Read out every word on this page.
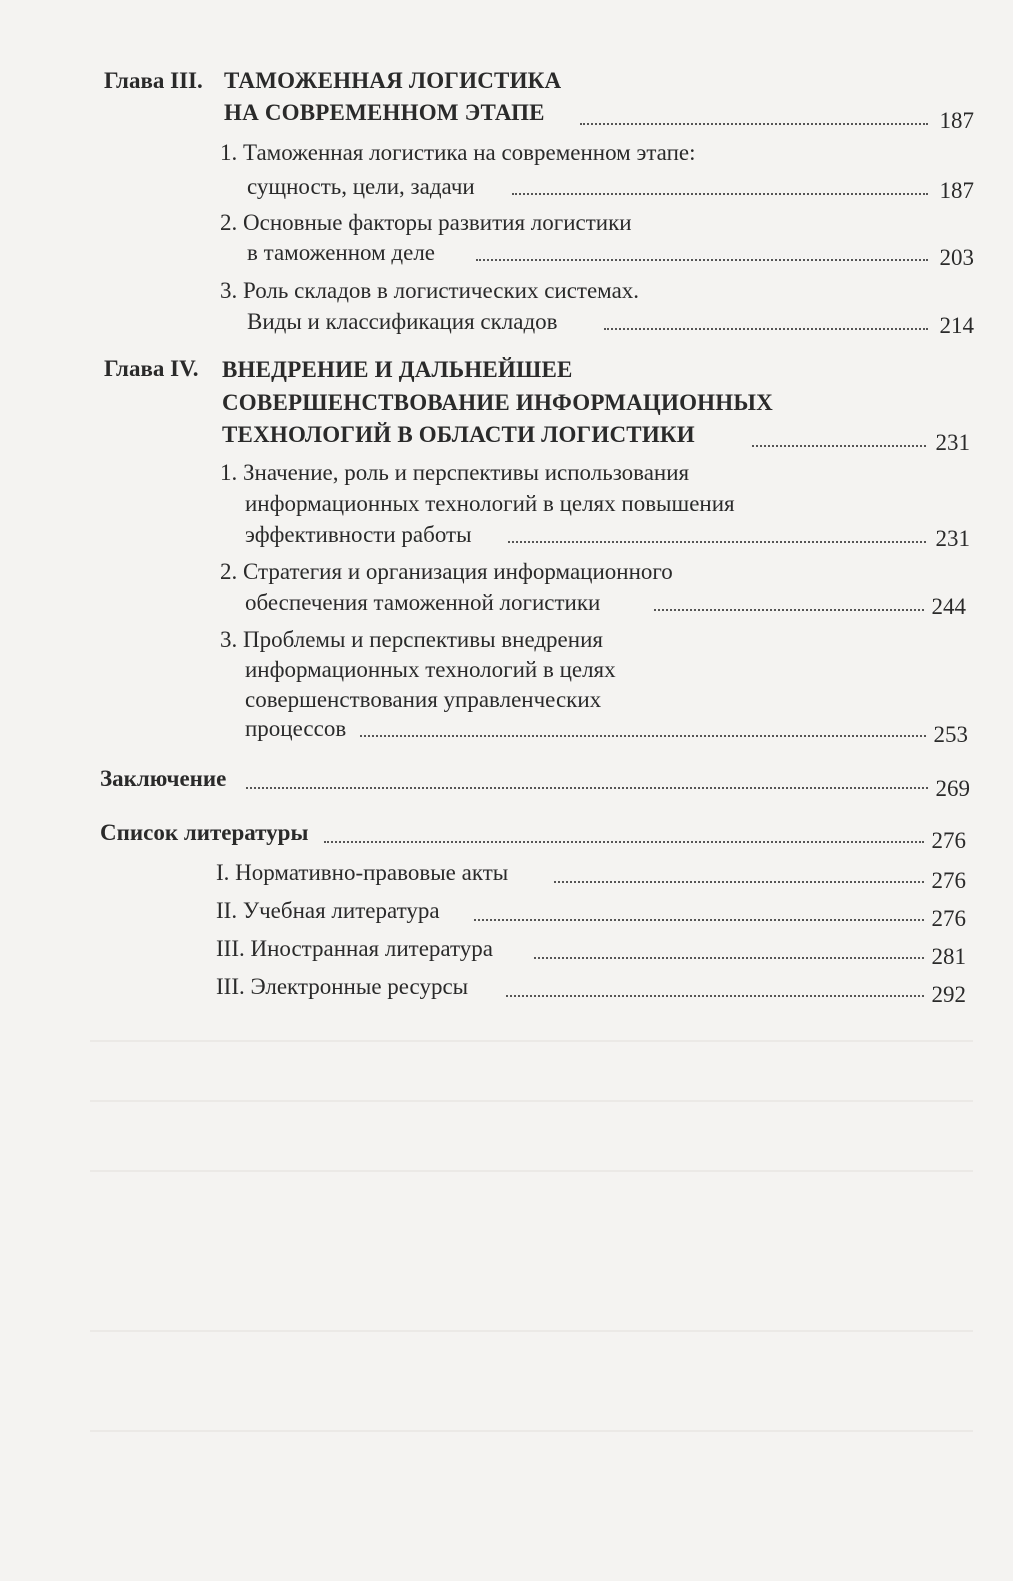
Глава III. ТАМОЖЕННАЯ ЛОГИСТИКА
НА СОВРЕМЕННОМ ЭТАПЕ	187
1. Таможенная логистика на современном этапе:
сущность, цели, задачи	187
2. Основные факторы развития логистики
в таможенном деле	203
3. Роль складов в логистических системах.
Виды и классификация складов	214
Глава IV. ВНЕДРЕНИЕ И ДАЛЬНЕЙШЕЕ
СОВЕРШЕНСТВОВАНИЕ ИНФОРМАЦИОННЫХ
ТЕХНОЛОГИЙ В ОБЛАСТИ ЛОГИСТИКИ	231
1. Значение, роль и перспективы использования
информационных технологий в целях повышения
эффективности работы	231
2. Стратегия и организация информационного
обеспечения таможенной логистики	244
3. Проблемы и перспективы внедрения
информационных технологий в целях
совершенствования управленческих
процессов	253
Заключение	269
Список литературы	276
I. Нормативно-правовые акты	276
II. Учебная литература	276
III. Иностранная литература	281
III. Электронные ресурсы	292
